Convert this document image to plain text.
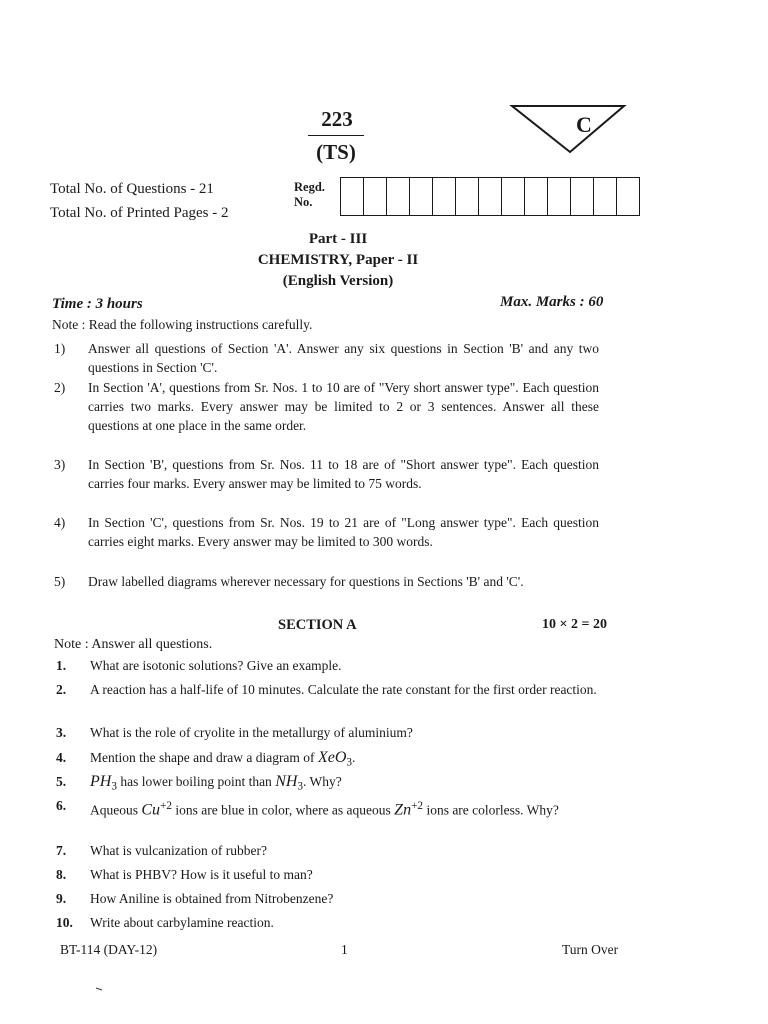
223
(TS)
C
Total No. of Questions - 21
Total No. of Printed Pages - 2
Regd.
No.
Part - III
CHEMISTRY, Paper - II
(English Version)
Time : 3 hours	Max. Marks : 60
Note : Read the following instructions carefully.
1) Answer all questions of Section 'A'. Answer any six questions in Section 'B' and any two questions in Section 'C'.
2) In Section 'A', questions from Sr. Nos. 1 to 10 are of "Very short answer type". Each question carries two marks. Every answer may be limited to 2 or 3 sentences. Answer all these questions at one place in the same order.
3) In Section 'B', questions from Sr. Nos. 11 to 18 are of "Short answer type". Each question carries four marks. Every answer may be limited to 75 words.
4) In Section 'C', questions from Sr. Nos. 19 to 21 are of "Long answer type". Each question carries eight marks. Every answer may be limited to 300 words.
5) Draw labelled diagrams wherever necessary for questions in Sections 'B' and 'C'.
SECTION A	10 × 2 = 20
Note : Answer all questions.
1. What are isotonic solutions? Give an example.
2. A reaction has a half-life of 10 minutes. Calculate the rate constant for the first order reaction.
3. What is the role of cryolite in the metallurgy of aluminium?
4. Mention the shape and draw a diagram of XeO$_3$.
5. $PH_3$ has lower boiling point than $NH_3$. Why?
6. Aqueous $Cu^{+2}$ ions are blue in color, where as aqueous $Zn^{+2}$ ions are colorless. Why?
7. What is vulcanization of rubber?
8. What is PHBV? How is it useful to man?
9. How Aniline is obtained from Nitrobenzene?
10. Write about carbylamine reaction.
BT-114 (DAY-12)	1	Turn Over
